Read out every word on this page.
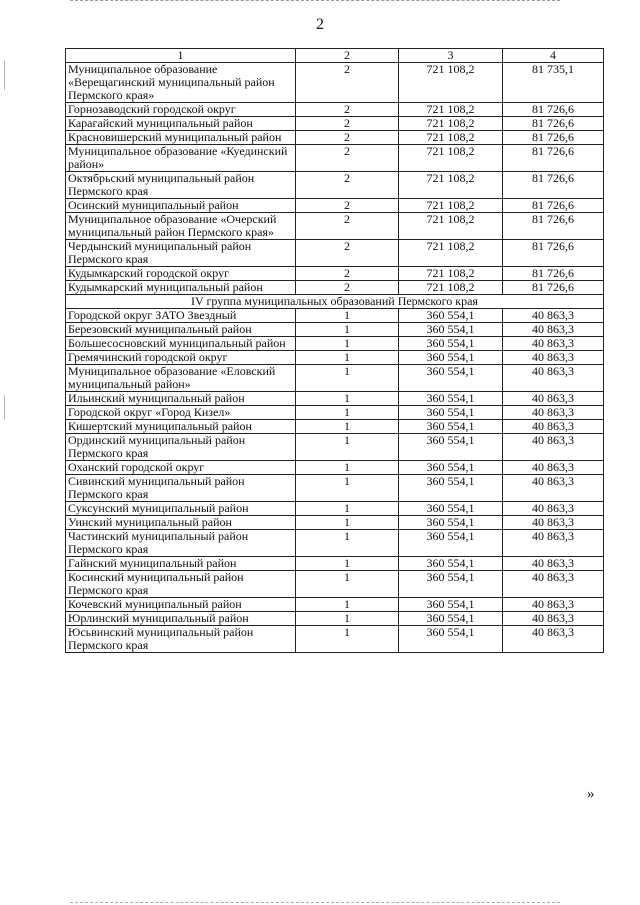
2
1	2	3	4
Муниципальное образование «Верещагинский муниципальный район Пермского края»	2	721 108,2	81 735,1
Горнозаводский городской округ	2	721 108,2	81 726,6
Карагайский муниципальный район	2	721 108,2	81 726,6
Красновишерский муниципальный район	2	721 108,2	81 726,6
Муниципальное образование «Куединский район»	2	721 108,2	81 726,6
Октябрьский муниципальный район Пермского края	2	721 108,2	81 726,6
Осинский муниципальный район	2	721 108,2	81 726,6
Муниципальное образование «Очерский муниципальный район Пермского края»	2	721 108,2	81 726,6
Чердынский муниципальный район Пермского края	2	721 108,2	81 726,6
Кудымкарский городской округ	2	721 108,2	81 726,6
Кудымкарский муниципальный район	2	721 108,2	81 726,6
IV группа муниципальных образований Пермского края			
Городской округ ЗАТО Звездный	1	360 554,1	40 863,3
Березовский муниципальный район	1	360 554,1	40 863,3
Большесосновский муниципальный район	1	360 554,1	40 863,3
Гремячинский городской округ	1	360 554,1	40 863,3
Муниципальное образование «Еловский муниципальный район»	1	360 554,1	40 863,3
Ильинский муниципальный район	1	360 554,1	40 863,3
Городской округ «Город Кизел»	1	360 554,1	40 863,3
Кишертский муниципальный район	1	360 554,1	40 863,3
Ординский муниципальный район Пермского края	1	360 554,1	40 863,3
Оханский городской округ	1	360 554,1	40 863,3
Сивинский муниципальный район Пермского края	1	360 554,1	40 863,3
Суксунский муниципальный район	1	360 554,1	40 863,3
Уинский муниципальный район	1	360 554,1	40 863,3
Частинский муниципальный район Пермского края	1	360 554,1	40 863,3
Гайнский муниципальный район	1	360 554,1	40 863,3
Косинский муниципальный район Пермского края	1	360 554,1	40 863,3
Кочевский муниципальный район	1	360 554,1	40 863,3
Юрлинский муниципальный район	1	360 554,1	40 863,3
Юсьвинский муниципальный район Пермского края	1	360 554,1	40 863,3
»
